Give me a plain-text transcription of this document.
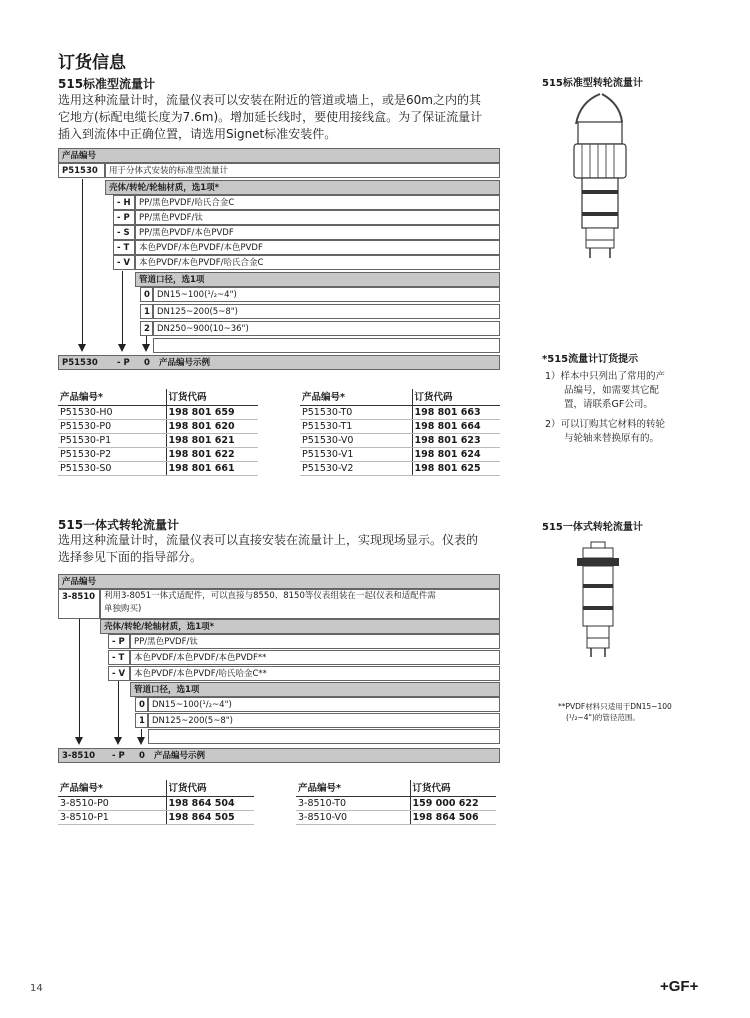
订货信息
515标准型流量计
选用这种流量计时，流量仪表可以安装在附近的管道或墙上，或是60m之内的其
它地方(标配电缆长度为7.6m)。增加延长线时，要使用接线盒。为了保证流量计
插入到流体中正确位置，请选用Signet标准安装件。
产品编号
P51530	用于分体式安装的标准型流量计
壳体/转轮/轮轴材质，选1项*
- H PP/黑色PVDF/哈氏合金C
- P	PP/黑色PVDF/钛
- S	PP/黑色PVDF/本色PVDF
- T	本色PVDF/本色PVDF/本色PVDF
- V	本色PVDF/本色PVDF/哈氏合金C
管道口径，选1项
0 DN15~100(¹/₂~4")
1 DN125~200(5~8")
2 DN250~900(10~36")
P51530 - P 0 产品编号示例
产品编号*	订货代码
P51530-H0	198 801 659
P51530-P0	198 801 620
P51530-P1	198 801 621
P51530-P2	198 801 622
P51530-S0	198 801 661
产品编号*	订货代码
P51530-T0	198 801 663
P51530-T1	198 801 664
P51530-V0	198 801 623
P51530-V1	198 801 624
P51530-V2	198 801 625
515一体式转轮流量计
选用这种流量计时，流量仪表可以直接安装在流量计上，实现现场显示。仪表的
选择参见下面的指导部分。
产品编号
3-8510	利用3-8051一体式适配件，可以直接与8550、8150等仪表组装在一起(仪表和适配件需
单独购买)
壳体/转轮/轮轴材质，选1项*
- P	PP/黑色PVDF/钛
- T	本色PVDF/本色PVDF/本色PVDF**
- V	本色PVDF/本色PVDF/哈氏哈金C**
管道口径，选1项
0 DN15~100(¹/₂~4")
1 DN125~200(5~8")
3-8510 - P 0 产品编号示例
产品编号*	订货代码
3-8510-P0	198 864 504
3-8510-P1	198 864 505
产品编号*	订货代码
3-8510-T0	159 000 622
3-8510-V0	198 864 506
515标准型转轮流量计
*515流量计订货提示
1）样本中只列出了常用的产
品编号，如需要其它配
置，请联系GF公司。
2）可以订购其它材料的转轮
与轮轴来替换原有的。
515一体式转轮流量计
**PVDF材料只适用于DN15~100
(¹/₂~4")的管径范围。
14	+GF+
